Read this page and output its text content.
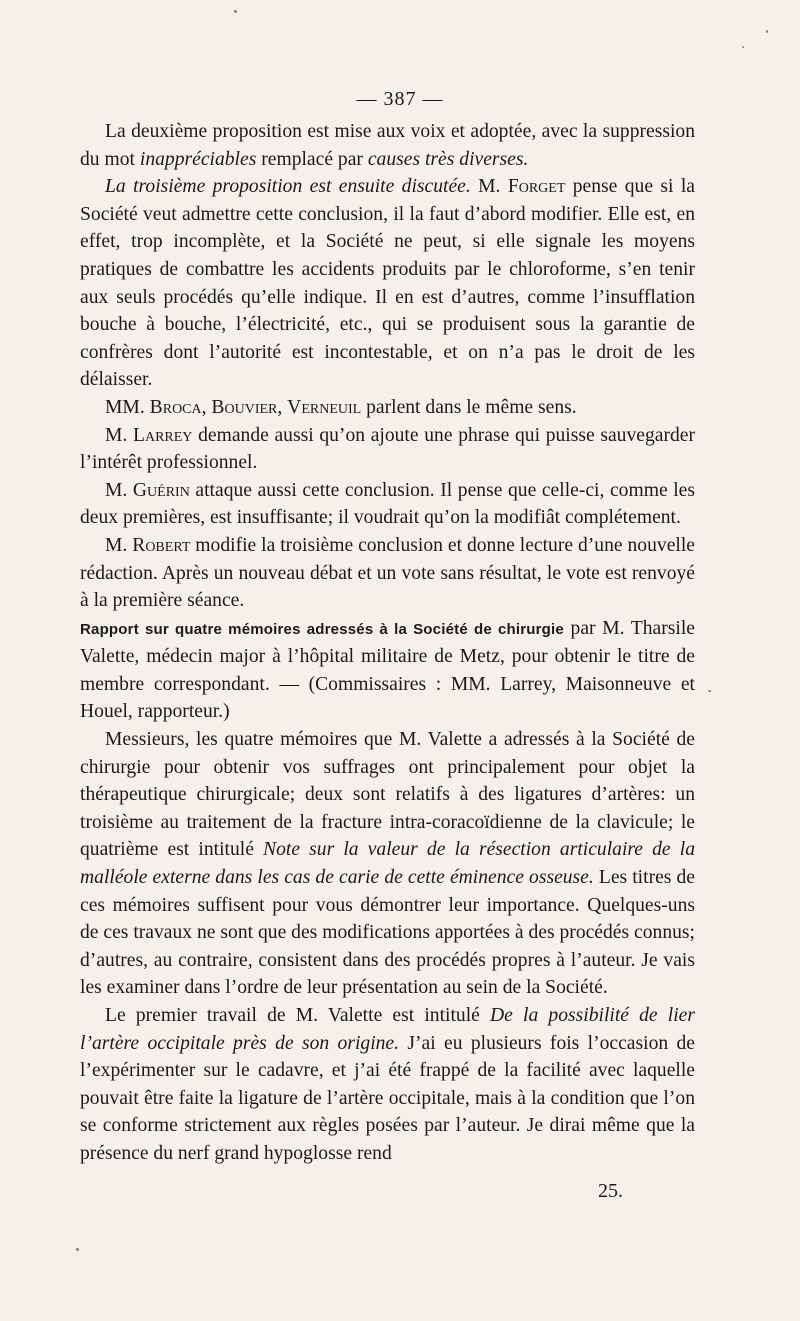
— 387 —

La deuxième proposition est mise aux voix et adoptée, avec la suppression du mot inappréciables remplacé par causes très diverses.

La troisième proposition est ensuite discutée. M. Forget pense que si la Société veut admettre cette conclusion, il la faut d’abord modifier. Elle est, en effet, trop incomplète, et la Société ne peut, si elle signale les moyens pratiques de combattre les accidents produits par le chloroforme, s’en tenir aux seuls procédés qu’elle indique. Il en est d’autres, comme l’insufflation bouche à bouche, l’électricité, etc., qui se produisent sous la garantie de confrères dont l’autorité est incontestable, et on n’a pas le droit de les délaisser.

MM. Broca, Bouvier, Verneuil parlent dans le même sens.

M. Larrey demande aussi qu’on ajoute une phrase qui puisse sauvegarder l’intérêt professionnel.

M. Guérin attaque aussi cette conclusion. Il pense que celle-ci, comme les deux premières, est insuffisante; il voudrait qu’on la modifiât complétement.

M. Robert modifie la troisième conclusion et donne lecture d’une nouvelle rédaction. Après un nouveau débat et un vote sans résultat, le vote est renvoyé à la première séance.

Rapport sur quatre mémoires adressés à la Société de chirurgie par M. Tharsile Valette, médecin major à l’hôpital militaire de Metz, pour obtenir le titre de membre correspondant. — (Commissaires : MM. Larrey, Maisonneuve et Houel, rapporteur.)

Messieurs, les quatre mémoires que M. Valette a adressés à la Société de chirurgie pour obtenir vos suffrages ont principalement pour objet la thérapeutique chirurgicale; deux sont relatifs à des ligatures d’artères: un troisième au traitement de la fracture intra-coracoïdienne de la clavicule; le quatrième est intitulé Note sur la valeur de la résection articulaire de la malléole externe dans les cas de carie de cette éminence osseuse. Les titres de ces mémoires suffisent pour vous démontrer leur importance. Quelques-uns de ces travaux ne sont que des modifications apportées à des procédés connus; d’autres, au contraire, consistent dans des procédés propres à l’auteur. Je vais les examiner dans l’ordre de leur présentation au sein de la Société.

Le premier travail de M. Valette est intitulé De la possibilité de lier l’artère occipitale près de son origine. J’ai eu plusieurs fois l’occasion de l’expérimenter sur le cadavre, et j’ai été frappé de la facilité avec laquelle pouvait être faite la ligature de l’artère occipitale, mais à la condition que l’on se conforme strictement aux règles posées par l’auteur. Je dirai même que la présence du nerf grand hypoglosse rend

25.
